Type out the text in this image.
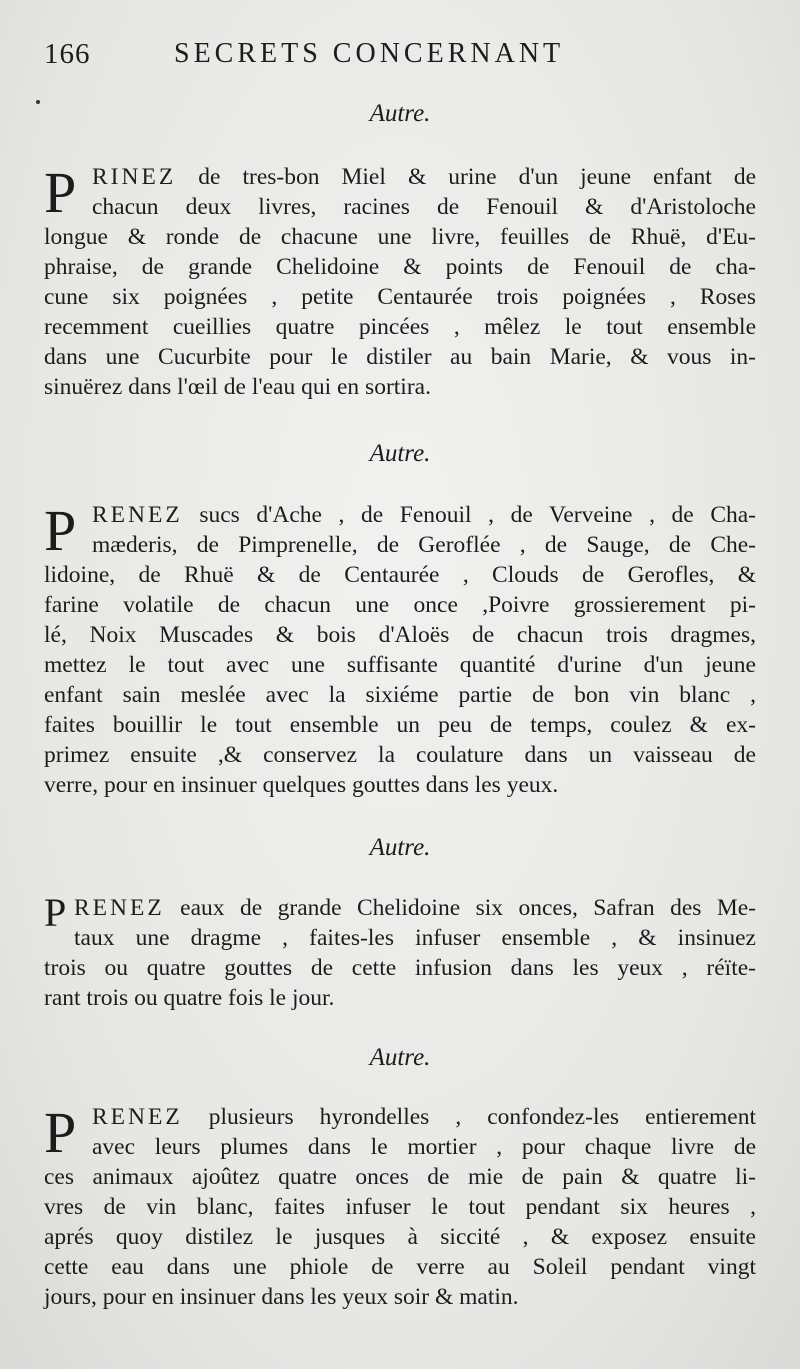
166	SECRETS CONCERNANT
Autre.
P RINEZ de tres-bon Miel & urine d'un jeune enfant de
chacun deux livres, racines de Fenouil & d'Aristoloche
longue & ronde de chacune une livre, feuilles de Rhuë, d'Eu-
phraise, de grande Chelidoine & points de Fenouil de cha-
cune six poignées , petite Centaurée trois poignées , Roses
recemment cueillies quatre pincées , mêlez le tout ensemble
dans une Cucurbite pour le distiler au bain Marie, & vous in-
sinuërez dans l'œil de l'eau qui en sortira.
Autre.
P RENEZ sucs d'Ache , de Fenouil , de Verveine , de Cha-
mæderis, de Pimprenelle, de Geroflée , de Sauge, de Che-
lidoine, de Rhuë & de Centaurée , Clouds de Gerofles, &
farine volatile de chacun une once ,Poivre grossierement pi-
lé, Noix Muscades & bois d'Aloës de chacun trois dragmes,
mettez le tout avec une suffisante quantité d'urine d'un jeune
enfant sain meslée avec la sixiéme partie de bon vin blanc ,
faites bouillir le tout ensemble un peu de temps, coulez & ex-
primez ensuite ,& conservez la coulature dans un vaisseau de
verre, pour en insinuer quelques gouttes dans les yeux.
Autre.
P RENEZ eaux de grande Chelidoine six onces, Safran des Me-
taux une dragme , faites-les infuser ensemble , & insinuez
trois ou quatre gouttes de cette infusion dans les yeux , réïte-
rant trois ou quatre fois le jour.
Autre.
P RENEZ plusieurs hyrondelles , confondez-les entierement
avec leurs plumes dans le mortier , pour chaque livre de
ces animaux ajoûtez quatre onces de mie de pain & quatre li-
vres de vin blanc, faites infuser le tout pendant six heures ,
aprés quoy distilez le jusques à siccité , & exposez ensuite
cette eau dans une phiole de verre au Soleil pendant vingt
jours, pour en insinuer dans les yeux soir & matin.
